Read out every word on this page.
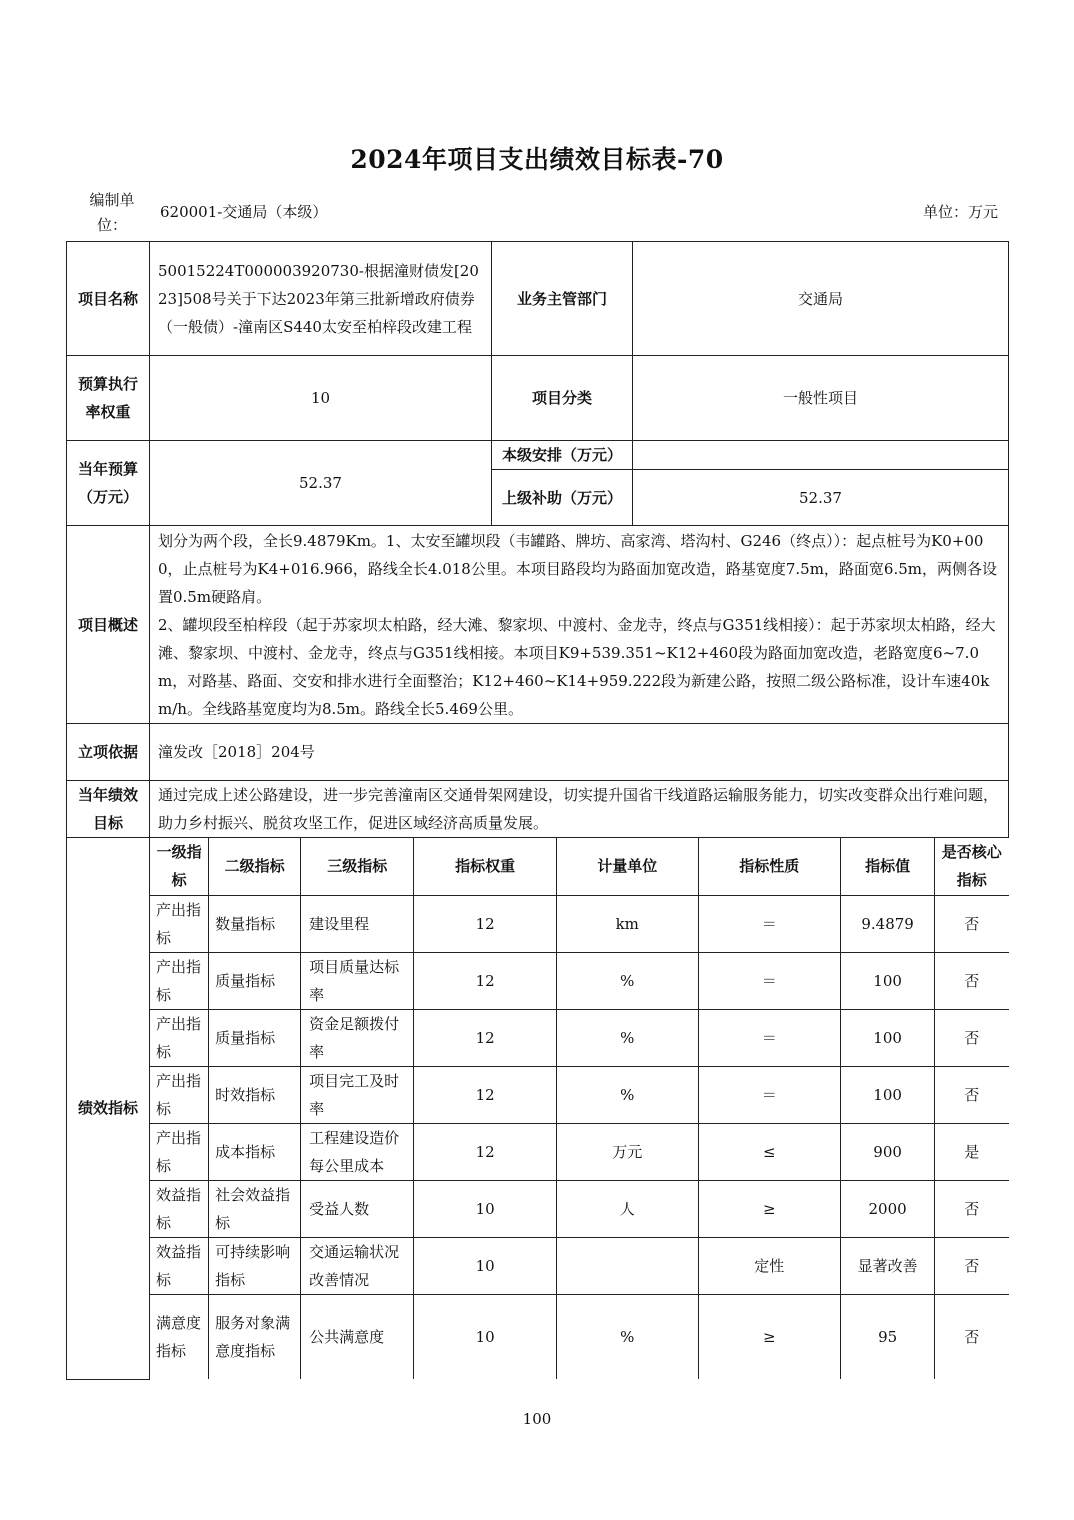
2024年项目支出绩效目标表-70
编制单位：
620001-交通局（本级）	单位：万元
项目名称	50015224T000003920730-根据潼财债发[2023]508号关于下达2023年第三批新增政府债券（一般债）-潼南区S440太安至柏梓段改建工程	业务主管部门	交通局
预算执行率权重	10	项目分类	一般性项目
当年预算（万元）	52.37	本级安排（万元）	
上级补助（万元）	52.37
项目概述	
划分为两个段，全长9.4879Km。1、太安至罐坝段（韦罐路、牌坊、高家湾、塔沟村、G246（终点））：起点桩号为K0+000，止点桩号为K4+016.966，路线全长4.018公里。本项目路段均为路面加宽改造，路基宽度7.5m，路面宽6.5m，两侧各设置0.5m硬路肩。
2、罐坝段至柏梓段（起于苏家坝太柏路，经大滩、黎家坝、中渡村、金龙寺，终点与G351线相接）：起于苏家坝太柏路，经大滩、黎家坝、中渡村、金龙寺，终点与G351线相接。本项目K9+539.351~K12+460段为路面加宽改造，老路宽度6~7.0m，对路基、路面、交安和排水进行全面整治；K12+460~K14+959.222段为新建公路，按照二级公路标准，设计车速40km/h。全线路基宽度均为8.5m。路线全长5.469公里。

立项依据	潼发改［2018］204号
当年绩效目标	通过完成上述公路建设，进一步完善潼南区交通骨架网建设，切实提升国省干线道路运输服务能力，切实改变群众出行难问题，助力乡村振兴、脱贫攻坚工作，促进区域经济高质量发展。
绩效指标	
一级指标	二级指标	三级指标	指标权重	计量单位	指标性质	指标值	是否核心指标
产出指标	数量指标	建设里程	12	km	＝	9.4879	否
产出指标	质量指标	项目质量达标率	12	%	＝	100	否
产出指标	质量指标	资金足额拨付率	12	%	＝	100	否
产出指标	时效指标	项目完工及时率	12	%	＝	100	否
产出指标	成本指标	工程建设造价每公里成本	12	万元	≤	900	是
效益指标	社会效益指标	受益人数	10	人	≥	2000	否
效益指标	可持续影响指标	交通运输状况改善情况	10		定性	显著改善	否
满意度指标	服务对象满意度指标	公共满意度	10	%	≥	95	否
100
